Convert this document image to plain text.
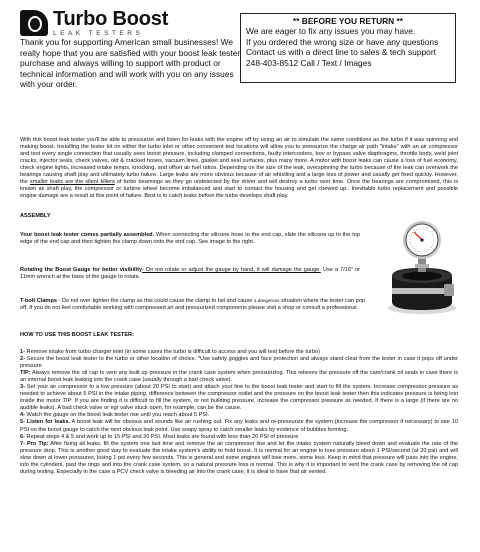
Turbo Boost
LEAK TESTERS
Thank you for supporting American small businesses! We really hope that you are satisfied with your boost leak tester purchase and always willing to support with product or technical information and will work with you on any issues with your order.
** BEFORE YOU RETURN **
We are eager to fix any issues you may have.
If you ordered the wrong size or have any questions Contact us with a direct line to sales & tech support
248-403-8512 Call / Text / Images
With this boost leak tester you'll be able to pressurize and listen for leaks with the engine off by using an air to simulate the same conditions as the turbo if it was spinning and making boost. Installing the tester kit on either the turbo inlet or other convenient test locations will allow you to pressurize the charge air path "intake" with an air compressor and test every single connection that usually sees boost pressure, including clamped connections, faulty intercoolers, bov or bypass valve diaphragms, throttle body, weld joint cracks, injector seals, check valves, old & cracked hoses, vacuum lines, gasket and seal surfaces, plus many more. A motor with boost leaks can cause a loss of fuel economy, check engine lights, increased intake temps, knocking, and offset air fuel ratios. Depending on the size of the leak, overspinning the turbo because of the leak can overwork the bearings causing shaft play and ultimately turbo failure. Large leaks are more obvious because of air whistling and a large loss of power and usually get fixed quickly. However, the smaller leaks are the silent killers of turbo beamings as they go undetected by the driver and will destroy a turbo over time. Once the bearings are compromised, this is known as shaft play, the compressor or turbine wheel become imbalanced and start to contact the housing and get chewed up.. Inevitable turbo replacement and possible engine damage are a result at this point of failure. Best is to catch leaks before the turbo develops shaft play.
ASSEMBLY
Your boost leak tester comes partially assembled. When connecting the silicone hose to the end cap, slide the silicone up to the top edge of the end cap and then tighten the clamp down onto the end cap. See image to the right.
Rotating the Boost Gauge for better visibility- Do not rotate or adjust the gauge by hand, it will damage the gauge. Use a 7/16" or 11mm wrench at the base of the gauge to rotate.
T-bolt Clamps - Do not over tighten the clamp as this could cause the clamp to fail and cause a dangerous situation where the tester can pop off. If you do not feel comfortable working with compressed air and pressurized components please visit a shop or consult a professional.
HOW TO USE THIS BOOST LEAK TESTER:
1- Remove intake from turbo charger inlet (in some cases the turbo is difficult to access and you will test before the turbo)
2- Secure the boost leak tester to the turbo or other location of choice. *Use safety goggles and face protection and always stand clear from the tester in case it pops off under pressure
TIP: Always remove the oil cap to vent any built up pressure in the crank case system when pressurizing. This relieves the pressure off the cam/crank oil seals in case there is an internal boost leak leaking into the crank case (usually through a bad check valve).
3- Set your air compressor to a low pressure (about 20 PSI to start) and attach your line to the boost leak tester and start to fill the system. Increase compressor pressure as needed to achieve about 5 PSI in the intake piping. difference between the compressor outlet and the pressure on the boost leak tester then this indicates pressure is being lost inside the motor TIP: If you are finding it is difficult to fill the system, or not building pressure, increase the compressor pressure as needed. If there is a large (if there are no audible leaks). A bad check valve or egr valve stuck open, for example, can be the cause.
4- Watch the gauge on the boost leak tester rise until you reach about 5 PSI.
5- Listen for leaks. A boost leak will be obvious and sounds like air rushing out. Fix any leaks and re-pressurize the system (increase the compressor if necessary) to see 10 PSI on the boost gauge to catch the next obvious leak point. Use soapy spray to catch smaller leaks by evidence of bubbles forming.
6- Repeat steps 4 & 5 and work up to 15 PSI and 20 PSI. Most leaks are found with less than 20 PSI of pressure
7- Pro Tip: After fixing all leaks, fill the system one last time and remove the air compressor line and let the intake system naturally bleed down and evaluate the rate of the pressure drop. This is another good way to evaluate the intake system's ability to hold boost. It is normal for an engine to lose pressure about 1 PSI/second (at 20 psi) and will slow down at lower pressures, losing 1 psi every few seconds. This is general and some engines will lose more, some less. Keep in mind that pressure will pass into the engine, into the cylinders, past the rings and into the crank case system, so a natural pressure loss is normal. This is why it is important to vent the crank case by removing the oil cap during testing. Especially in the case a PCV check valve is bleeding air into the crank case, it is ideal to have that air vented.
